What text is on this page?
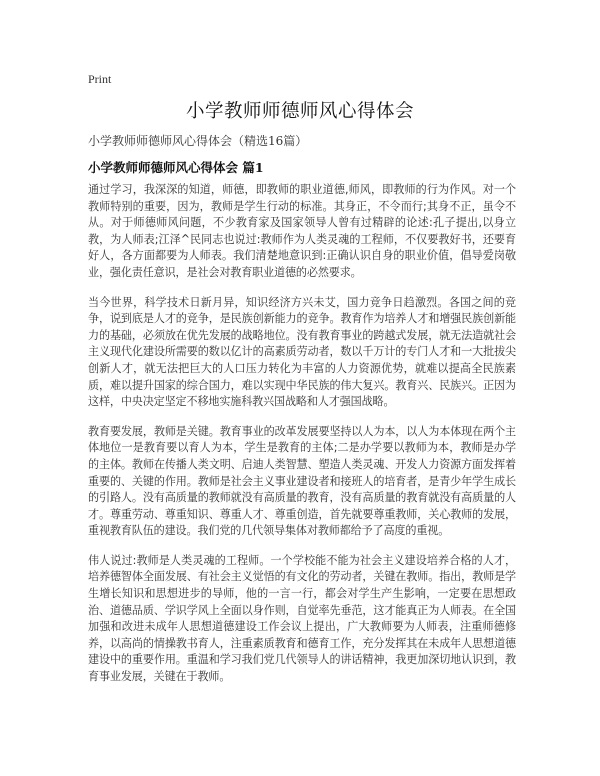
Print
小学教师师德师风心得体会
小学教师师德师风心得体会（精选16篇）
小学教师师德师风心得体会 篇1

通过学习，我深深的知道，师德，即教师的职业道德,师风，即教师的行为作风。对一个教师特别的重要，因为，教师是学生行动的标准。其身正，不令而行;其身不正，虽令不从。对于师德师风问题，不少教育家及国家领导人曾有过精辟的论述:孔子提出,以身立教，为人师表;江泽^民同志也说过:教师作为人类灵魂的工程师，不仅要教好书，还要育好人，各方面都要为人师表。我们清楚地意识到:正确认识自身的职业价值，倡导爱岗敬业，强化责任意识，是社会对教育职业道德的必然要求。

当今世界，科学技术日新月异，知识经济方兴未艾，国力竞争日趋激烈。各国之间的竞争，说到底是人才的竞争，是民族创新能力的竞争。教育作为培养人才和增强民族创新能力的基础，必须放在优先发展的战略地位。没有教育事业的跨越式发展，就无法造就社会主义现代化建设所需要的数以亿计的高素质劳动者，数以千万计的专门人才和一大批拔尖创新人才，就无法把巨大的人口压力转化为丰富的人力资源优势，就难以提高全民族素质，难以提升国家的综合国力，难以实现中华民族的伟大复兴。教育兴、民族兴。正因为这样，中央决定坚定不移地实施科教兴国战略和人才强国战略。

教育要发展，教师是关键。教育事业的改革发展要坚持以人为本，以人为本体现在两个主体地位一是教育要以育人为本，学生是教育的主体;二是办学要以教师为本，教师是办学的主体。教师在传播人类文明、启迪人类智慧、塑造人类灵魂、开发人力资源方面发挥着重要的、关键的作用。教师是社会主义事业建设者和接班人的培育者，是青少年学生成长的引路人。没有高质量的教师就没有高质量的教育，没有高质量的教育就没有高质量的人才。尊重劳动、尊重知识、尊重人才、尊重创造，首先就要尊重教师，关心教师的发展，重视教育队伍的建设。我们党的几代领导集体对教师都给予了高度的重视。

伟人说过:教师是人类灵魂的工程师。一个学校能不能为社会主义建设培养合格的人才，培养德智体全面发展、有社会主义觉悟的有文化的劳动者，关键在教师。指出，教师是学生增长知识和思想进步的导师，他的一言一行，都会对学生产生影响，一定要在思想政治、道德品质、学识学风上全面以身作则，自觉率先垂范，这才能真正为人师表。在全国加强和改进未成年人思想道德建设工作会议上提出，广大教师要为人师表，注重师德修养，以高尚的情操教书育人，注重素质教育和德育工作，充分发挥其在未成年人思想道德建设中的重要作用。重温和学习我们党几代领导人的讲话精神，我更加深切地认识到，教育事业发展，关键在于教师。
